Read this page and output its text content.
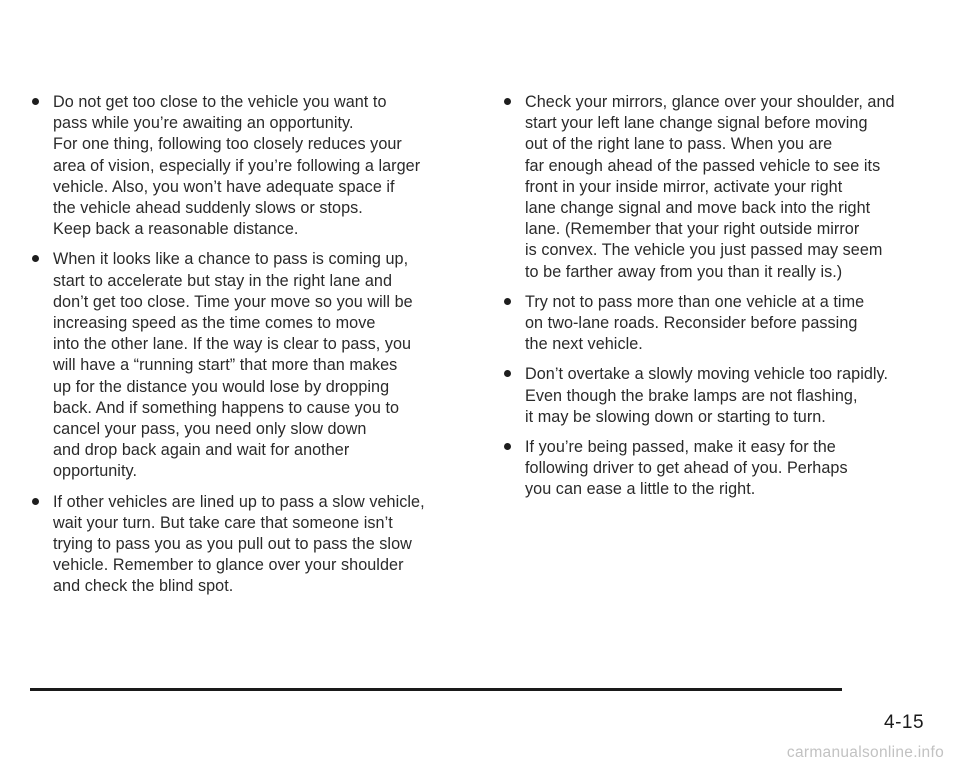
Do not get too close to the vehicle you want to
pass while you’re awaiting an opportunity.
For one thing, following too closely reduces your
area of vision, especially if you’re following a larger
vehicle. Also, you won’t have adequate space if
the vehicle ahead suddenly slows or stops.
Keep back a reasonable distance.
When it looks like a chance to pass is coming up,
start to accelerate but stay in the right lane and
don’t get too close. Time your move so you will be
increasing speed as the time comes to move
into the other lane. If the way is clear to pass, you
will have a “running start” that more than makes
up for the distance you would lose by dropping
back. And if something happens to cause you to
cancel your pass, you need only slow down
and drop back again and wait for another
opportunity.
If other vehicles are lined up to pass a slow vehicle,
wait your turn. But take care that someone isn’t
trying to pass you as you pull out to pass the slow
vehicle. Remember to glance over your shoulder
and check the blind spot.
Check your mirrors, glance over your shoulder, and
start your left lane change signal before moving
out of the right lane to pass. When you are
far enough ahead of the passed vehicle to see its
front in your inside mirror, activate your right
lane change signal and move back into the right
lane. (Remember that your right outside mirror
is convex. The vehicle you just passed may seem
to be farther away from you than it really is.)
Try not to pass more than one vehicle at a time
on two-lane roads. Reconsider before passing
the next vehicle.
Don’t overtake a slowly moving vehicle too rapidly.
Even though the brake lamps are not flashing,
it may be slowing down or starting to turn.
If you’re being passed, make it easy for the
following driver to get ahead of you. Perhaps
you can ease a little to the right.
4-15
carmanualsonline.info
